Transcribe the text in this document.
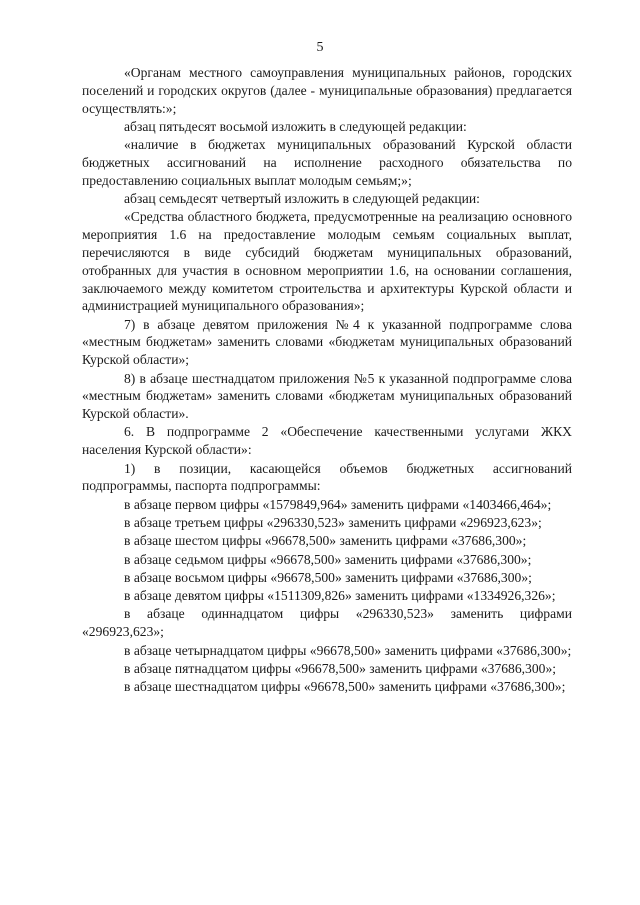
5

«Органам местного самоуправления муниципальных районов, городских поселений и городских округов (далее - муниципальные образования) предлагается осуществлять:»;

абзац пятьдесят восьмой изложить в следующей редакции:

«наличие в бюджетах муниципальных образований Курской области бюджетных ассигнований на исполнение расходного обязательства по предоставлению социальных выплат молодым семьям;»;

абзац семьдесят четвертый изложить в следующей редакции:

«Средства областного бюджета, предусмотренные на реализацию основного мероприятия 1.6 на предоставление молодым семьям социальных выплат, перечисляются в виде субсидий бюджетам муниципальных образований, отобранных для участия в основном мероприятии 1.6, на основании соглашения, заключаемого между комитетом строительства и архитектуры Курской области и администрацией муниципального образования»;

7) в абзаце девятом приложения №4 к указанной подпрограмме слова «местным бюджетам» заменить словами «бюджетам муниципальных образований Курской области»;

8) в абзаце шестнадцатом приложения №5 к указанной подпрограмме слова «местным бюджетам» заменить словами «бюджетам муниципальных образований Курской области».

6. В подпрограмме 2 «Обеспечение качественными услугами ЖКХ населения Курской области»:

1) в позиции, касающейся объемов бюджетных ассигнований подпрограммы, паспорта подпрограммы:

в абзаце первом цифры «1579849,964» заменить цифрами «1403466,464»;

в абзаце третьем цифры «296330,523» заменить цифрами «296923,623»;

в абзаце шестом цифры «96678,500» заменить цифрами «37686,300»;

в абзаце седьмом цифры «96678,500» заменить цифрами «37686,300»;

в абзаце восьмом цифры «96678,500» заменить цифрами «37686,300»;

в абзаце девятом цифры «1511309,826» заменить цифрами «1334926,326»;

в абзаце одиннадцатом цифры «296330,523» заменить цифрами «296923,623»;

в абзаце четырнадцатом цифры «96678,500» заменить цифрами «37686,300»;

в абзаце пятнадцатом цифры «96678,500» заменить цифрами «37686,300»;

в абзаце шестнадцатом цифры «96678,500» заменить цифрами «37686,300»;
